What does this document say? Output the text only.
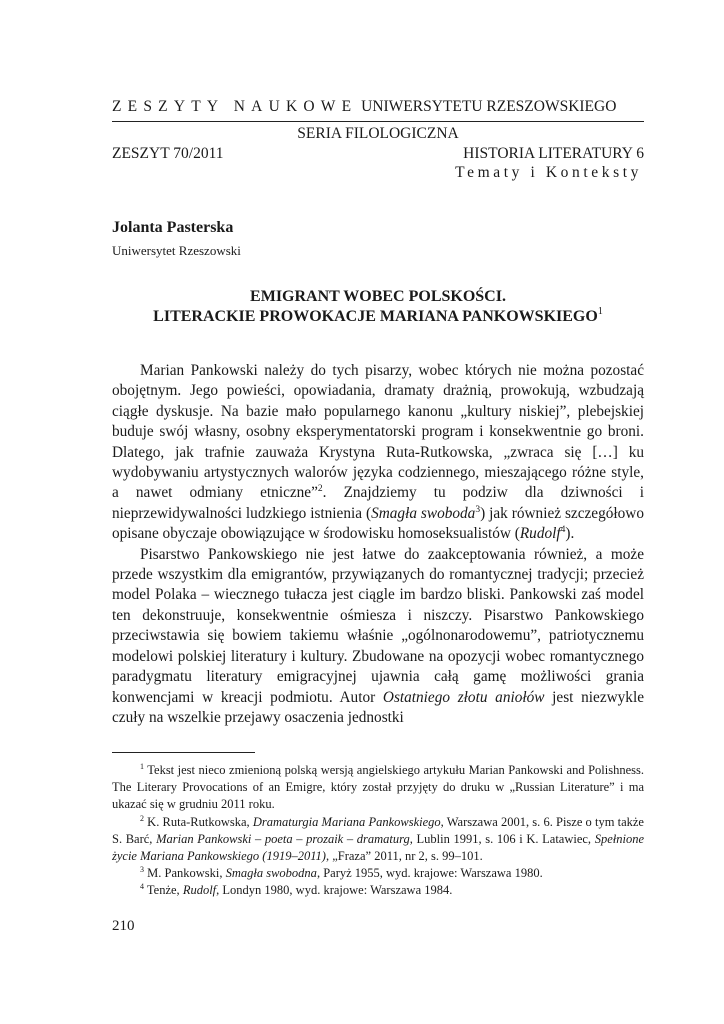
ZESZYTY NAUKOWE UNIWERSYTETU RZESZOWSKIEGO
SERIA FILOLOGICZNA
ZESZYT 70/2011	HISTORIA LITERATURY 6
Tematy i Konteksty
Jolanta Pasterska
Uniwersytet Rzeszowski
EMIGRANT WOBEC POLSKOŚCI.
LITERACKIE PROWOKACJE MARIANA PANKOWSKIEGO$^1$

Marian Pankowski należy do tych pisarzy, wobec których nie można pozostać obojętnym. Jego powieści, opowiadania, dramaty drażnią, prowokują, wzbudzają ciągłe dyskusje. Na bazie mało popularnego kanonu „kultury niskiej”, plebejskiej buduje swój własny, osobny eksperymentatorski program i konsekwentnie go broni. Dlatego, jak trafnie zauważa Krystyna Ruta-Rutkowska, „zwraca się […] ku wydobywaniu artystycznych walorów języka codziennego, mieszającego różne style, a nawet odmiany etniczne”$^2$. Znajdziemy tu podziw dla dziwności i nieprzewidywalności ludzkiego istnienia (Smagła swoboda$^3$) jak również szczegółowo opisane obyczaje obowiązujące w środowisku homoseksualistów (Rudolf$^4$).

Pisarstwo Pankowskiego nie jest łatwe do zaakceptowania również, a może przede wszystkim dla emigrantów, przywiązanych do romantycznej tradycji; przecież model Polaka – wiecznego tułacza jest ciągle im bardzo bliski. Pankowski zaś model ten dekonstruuje, konsekwentnie ośmiesza i niszczy. Pisarstwo Pankowskiego przeciwstawia się bowiem takiemu właśnie „ogólnonarodowemu”, patriotycznemu modelowi polskiej literatury i kultury. Zbudowane na opozycji wobec romantycznego paradygmatu literatury emigracyjnej ujawnia całą gamę możliwości grania konwencjami w kreacji podmiotu. Autor Ostatniego złotu aniołów jest niezwykle czuły na wszelkie przejawy osaczenia jednostki

$^1$ Tekst jest nieco zmienioną polską wersją angielskiego artykułu Marian Pankowski and Polishness. The Literary Provocations of an Emigre, który został przyjęty do druku w „Russian Literature” i ma ukazać się w grudniu 2011 roku.

$^2$ K. Ruta-Rutkowska, Dramaturgia Mariana Pankowskiego, Warszawa 2001, s. 6. Pisze o tym także S. Barć, Marian Pankowski – poeta – prozaik – dramaturg, Lublin 1991, s. 106 i K. Latawiec, Spełnione życie Mariana Pankowskiego (1919–2011), „Fraza” 2011, nr 2, s. 99–101.

$^3$ M. Pankowski, Smagła swobodna, Paryż 1955, wyd. krajowe: Warszawa 1980.

$^4$ Tenże, Rudolf, Londyn 1980, wyd. krajowe: Warszawa 1984.

210
